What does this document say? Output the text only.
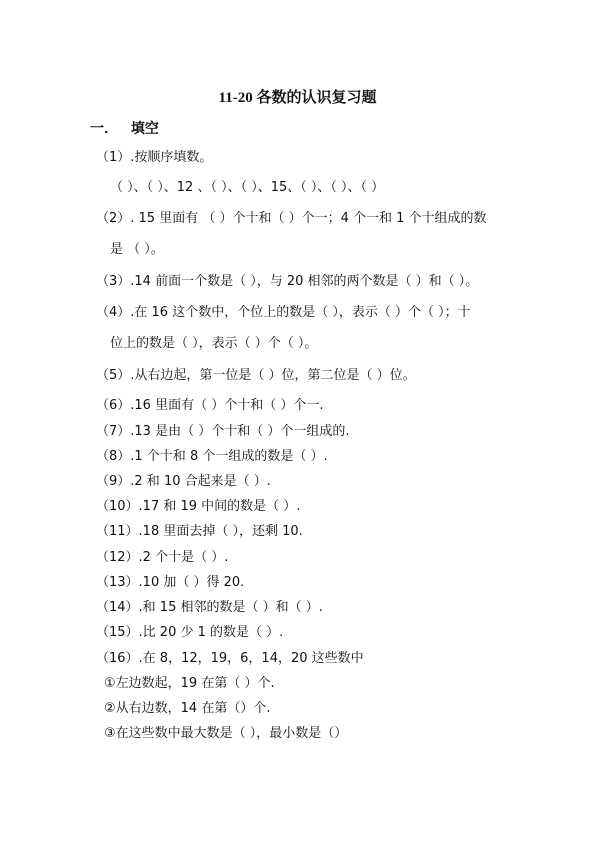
11-20 各数的认识复习题
一． 填空
（1）.按顺序填数。
（ ）、（ ）、12 、（ ）、（ ）、15、（ ）、（ ）、（ ）
（2）. 15 里面有 （ ）个十和（ ）个一；4 个一和 1 个十组成的数
是 （ ）。
（3）.14 前面一个数是（ ），与 20 相邻的两个数是（ ）和（ ）。
（4）.在 16 这个数中，个位上的数是（ ），表示（ ）个（ ）；十
位上的数是（ ），表示（ ）个（ ）。
（5）.从右边起，第一位是（ ）位，第二位是（ ）位。
（6）.16 里面有（ ）个十和（ ）个一.
（7）.13 是由（ ）个十和（ ）个一组成的.
（8）.1 个十和 8 个一组成的数是（ ）.
（9）.2 和 10 合起来是（ ）.
（10）.17 和 19 中间的数是（ ）.
（11）.18 里面去掉（ ），还剩 10.
（12）.2 个十是（ ）.
（13）.10 加（ ）得 20.
（14）.和 15 相邻的数是（ ）和（ ）.
（15）.比 20 少 1 的数是（ ）.
（16）.在 8，12，19，6，14，20 这些数中
①左边数起，19 在第（ ）个.
②从右边数，14 在第（）个.
③在这些数中最大数是（ ），最小数是（）
